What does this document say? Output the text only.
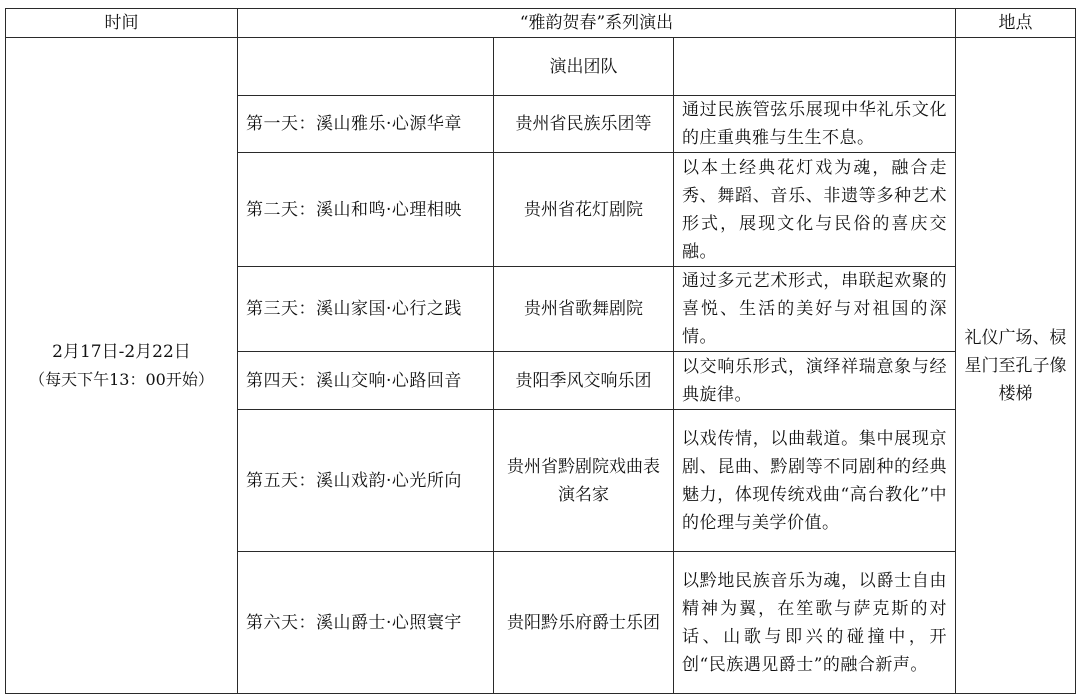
时间	“雅韵贺春”系列演出			地点

2月17日-2月22日
（每天下午13：00开始）		演出团队		礼仪广场、棂星门至孔子像楼梯
	第一天：溪山雅乐·心源华章	贵州省民族乐团等	通过民族管弦乐展现中华礼乐文化的庄重典雅与生生不息。	
	第二天：溪山和鸣·心理相映	贵州省花灯剧院	以本土经典花灯戏为魂，融合走秀、舞蹈、音乐、非遗等多种艺术形式，展现文化与民俗的喜庆交融。	
	第三天：溪山家国·心行之践	贵州省歌舞剧院	通过多元艺术形式，串联起欢聚的喜悦、生活的美好与对祖国的深情。	
	第四天：溪山交响·心路回音	贵阳季风交响乐团	以交响乐形式，演绎祥瑞意象与经典旋律。	
	第五天：溪山戏韵·心光所向	贵州省黔剧院戏曲表演名家	以戏传情，以曲载道。集中展现京剧、昆曲、黔剧等不同剧种的经典魅力，体现传统戏曲“高台教化”中的伦理与美学价值。	
	第六天：溪山爵士·心照寰宇	贵阳黔乐府爵士乐团	以黔地民族音乐为魂，以爵士自由精神为翼，在笙歌与萨克斯的对话、山歌与即兴的碰撞中，开创“民族遇见爵士”的融合新声。	
